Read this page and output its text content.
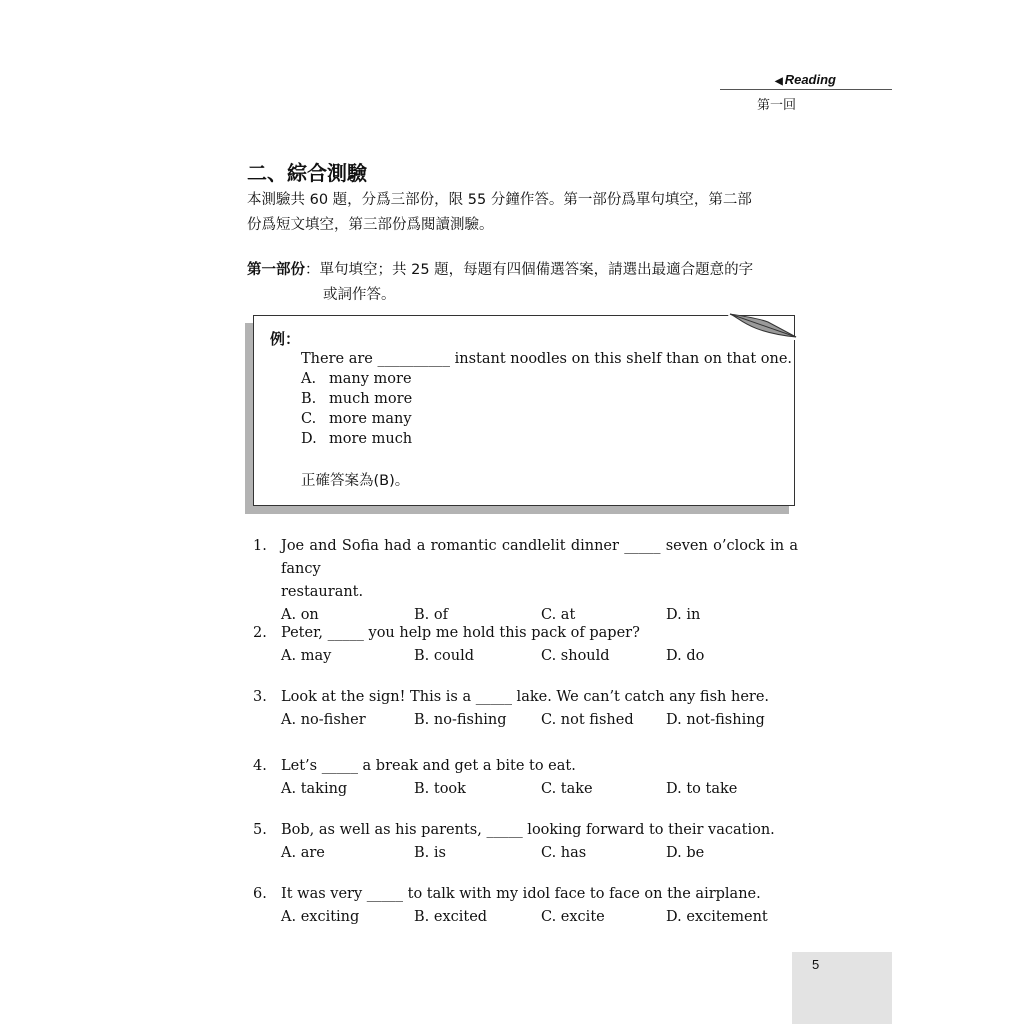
◀ Reading
第一回
二、綜合測驗
本測驗共 60 題，分爲三部份，限 55 分鐘作答。第一部份爲單句填空，第二部
份爲短文填空，第三部份爲閱讀測驗。
第一部份：單句填空；共 25 題，每題有四個備選答案，請選出最適合題意的字
或詞作答。
例：
There are __________ instant noodles on this shelf than on that one.
A. many more
B. much more
C. more many
D. more much
正確答案為(B)。
1. Joe and Sofia had a romantic candlelit dinner _____ seven o’clock in a fancy
restaurant.
A. on	B. of	C. at	D. in
2. Peter, _____ you help me hold this pack of paper?
A. may	B. could	C. should	D. do
3. Look at the sign! This is a _____ lake. We can’t catch any fish here.
A. no-fisher	B. no-fishing C. not fished D. not-fishing
4. Let’s _____ a break and get a bite to eat.
A. taking	B. took	C. take	D. to take
5. Bob, as well as his parents, _____ looking forward to their vacation.
A. are	B. is	C. has	D. be
6. It was very _____ to talk with my idol face to face on the airplane.
A. exciting	B. excited	C. excite	D. excitement
5
